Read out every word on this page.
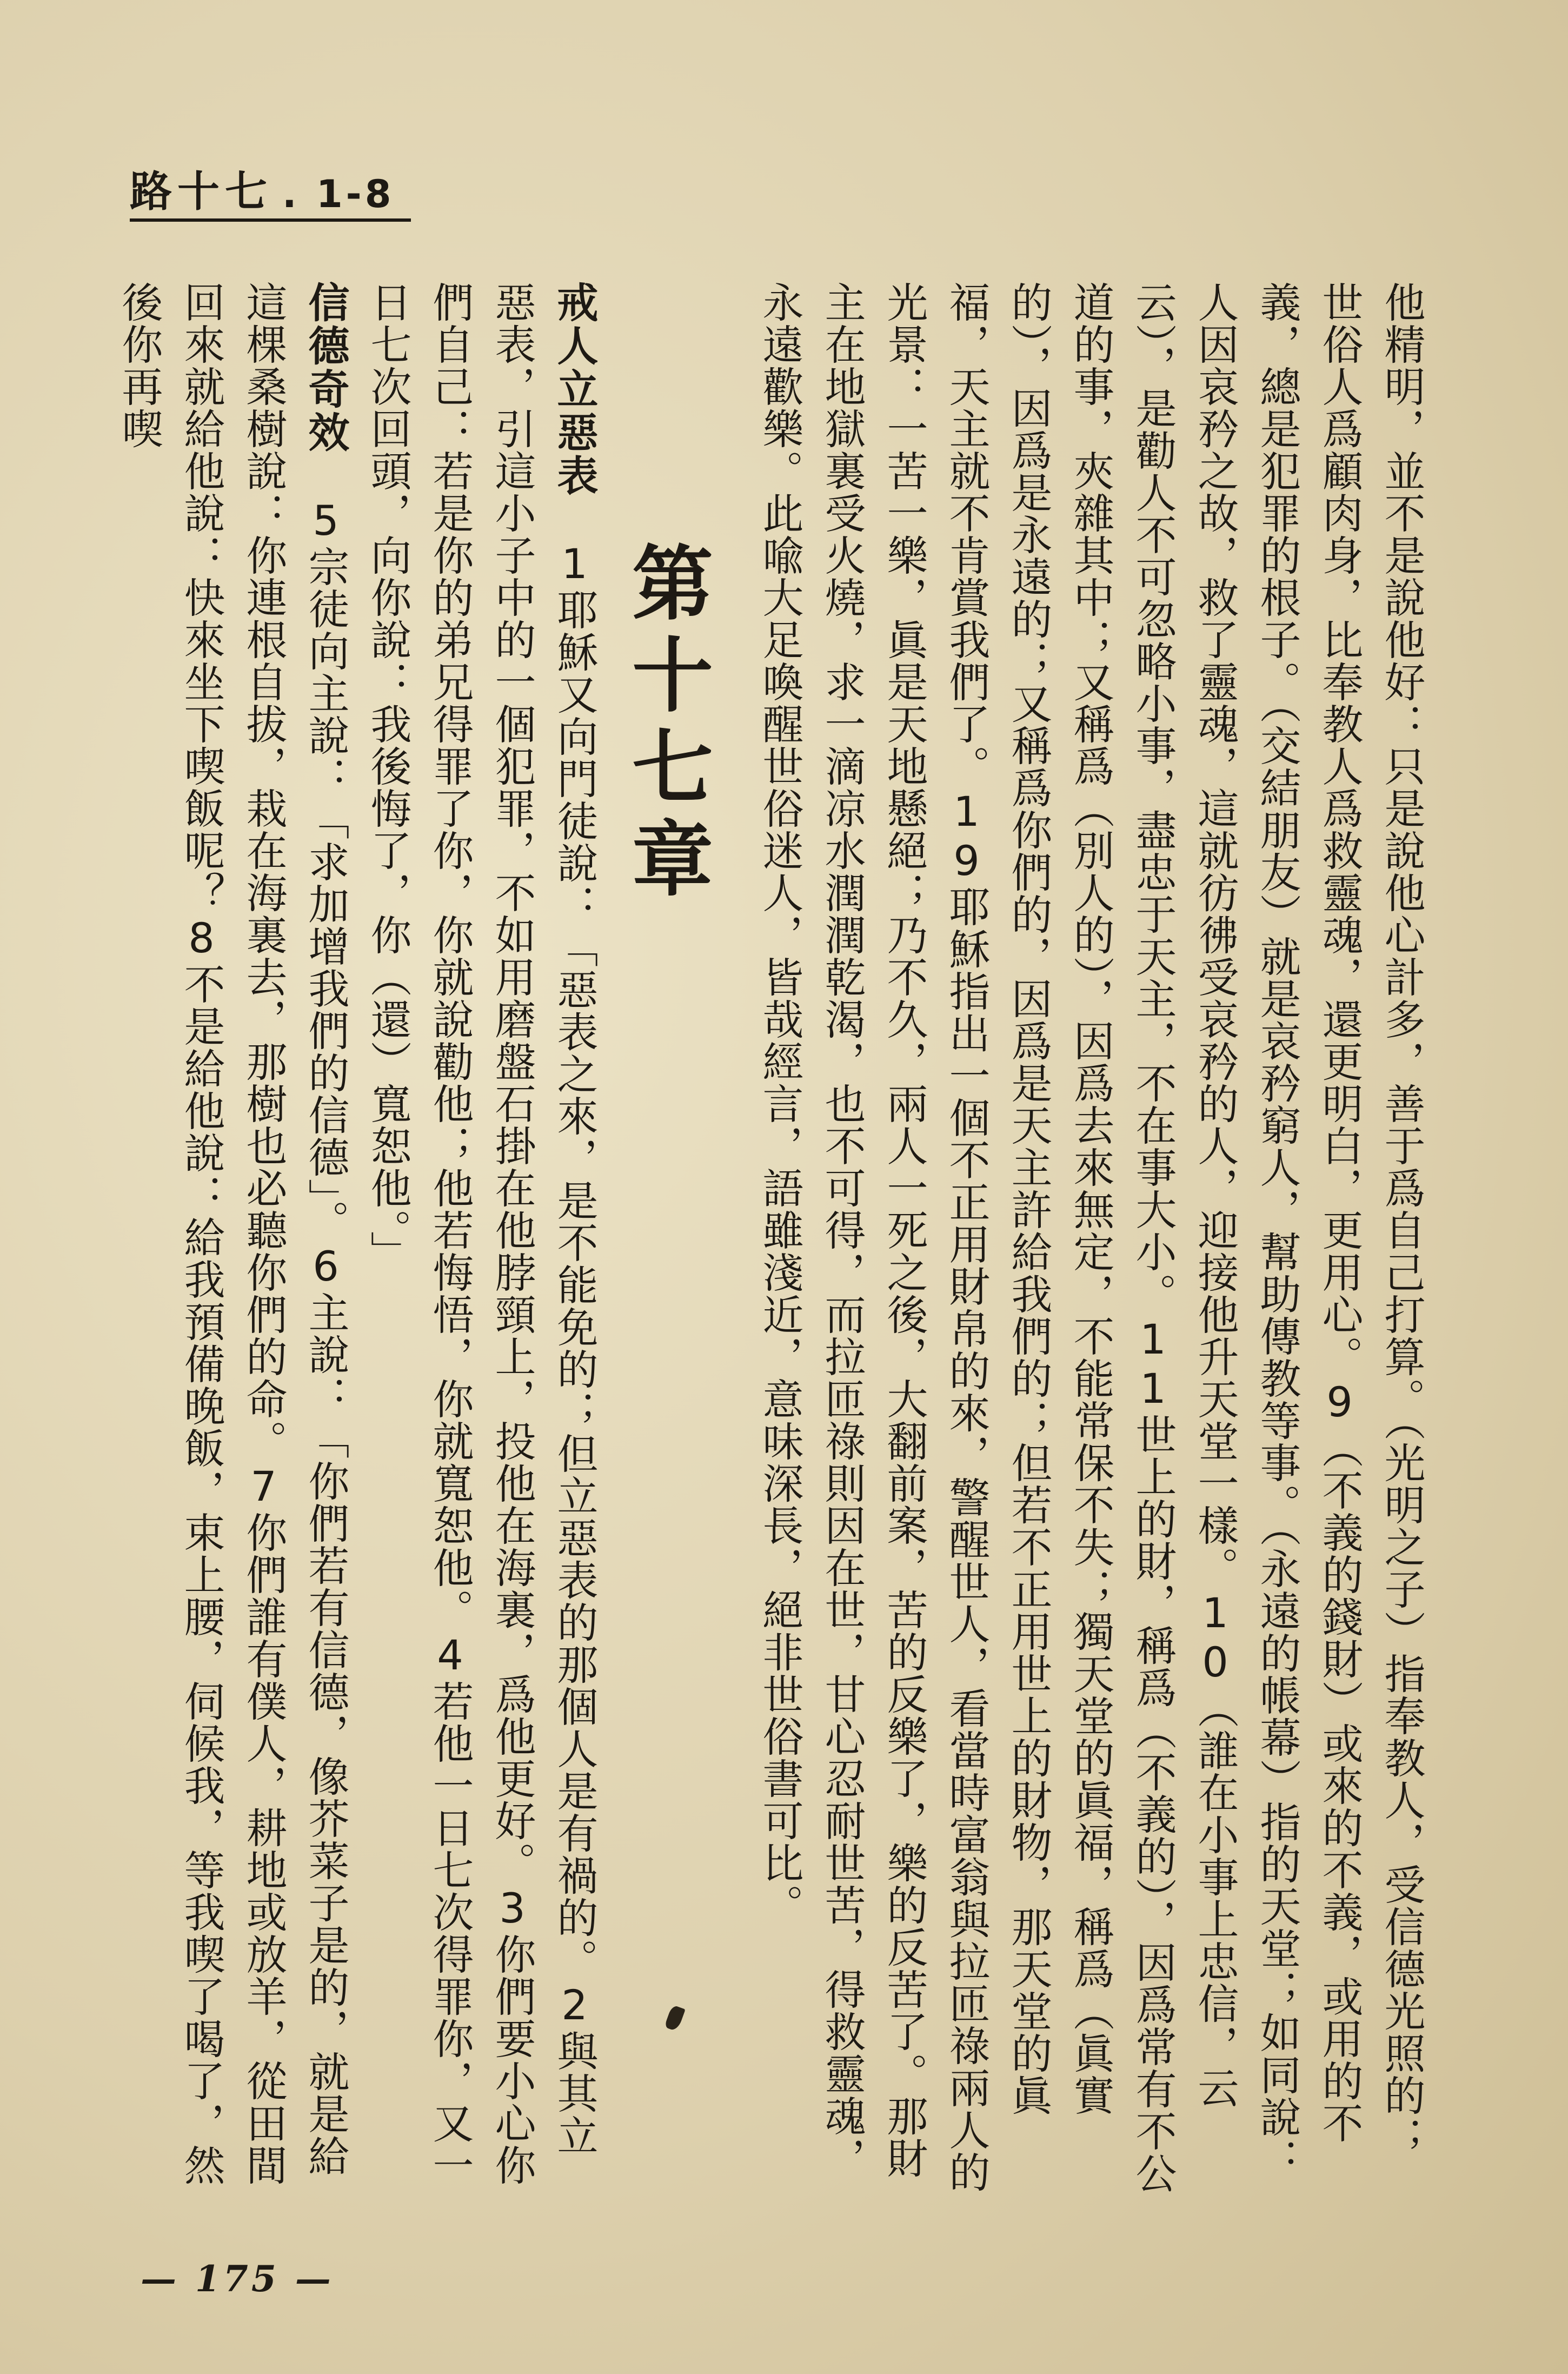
路十七 . 1-8
他精明，並不是說他好：只是說他心計多，善于爲自己打算。（光明之子）指奉教人，受信德光照的；世俗人爲顧肉身，比奉教人爲救靈魂，還更明白，更用心。9（不義的錢財）或來的不義，或用的不義，總是犯罪的根子。（交結朋友）就是哀矜窮人，幫助傳教等事。（永遠的帳幕）指的天堂；如同說：人因哀矜之故，救了靈魂，這就彷彿受哀矜的人，迎接他升天堂一樣。10（誰在小事上忠信，云云），是勸人不可忽略小事，盡忠于天主，不在事大小。11世上的財，稱爲（不義的），因爲常有不公道的事，夾雜其中；又稱爲（別人的），因爲去來無定，不能常保不失；獨天堂的眞福，稱爲（眞實的），因爲是永遠的；又稱爲你們的，因爲是天主許給我們的；但若不正用世上的財物，那天堂的眞福，天主就不肯賞我們了。19耶穌指出一個不正用財帛的來，警醒世人，看當時富翁與拉匝祿兩人的光景：一苦一樂，眞是天地懸絕；乃不久，兩人一死之後，大翻前案，苦的反樂了，樂的反苦了。那財主在地獄裏受火燒，求一滴凉水潤潤乾渴，也不可得，而拉匝祿則因在世，甘心忍耐世苦，得救靈魂，永遠歡樂。此喩大足喚醒世俗迷人，皆哉經言，語雖淺近，意味深長，絕非世俗書可比。
第十七章
戒人立惡表　1耶穌又向門徒說：「惡表之來，是不能免的；但立惡表的那個人是有禍的。2與其立惡表，引這小子中的一個犯罪，不如用磨盤石掛在他脖頸上，投他在海裏，爲他更好。3你們要小心你們自己：若是你的弟兄得罪了你，你就說勸他；他若悔悟，你就寬恕他。4若他一日七次得罪你，又一日七次回頭，向你說：我後悔了，你（還）寬恕他。」
信德奇效　5宗徒向主說：「求加增我們的信德」。6主說：「你們若有信德，像芥菜子是的，就是給這棵桑樹說：你連根自拔，栽在海裏去，那樹也必聽你們的命。7你們誰有僕人，耕地或放羊，從田間回來就給他說：快來坐下喫飯呢？8不是給他說：給我預備晚飯，束上腰，伺候我，等我喫了喝了，然後你再喫
— 175 —
